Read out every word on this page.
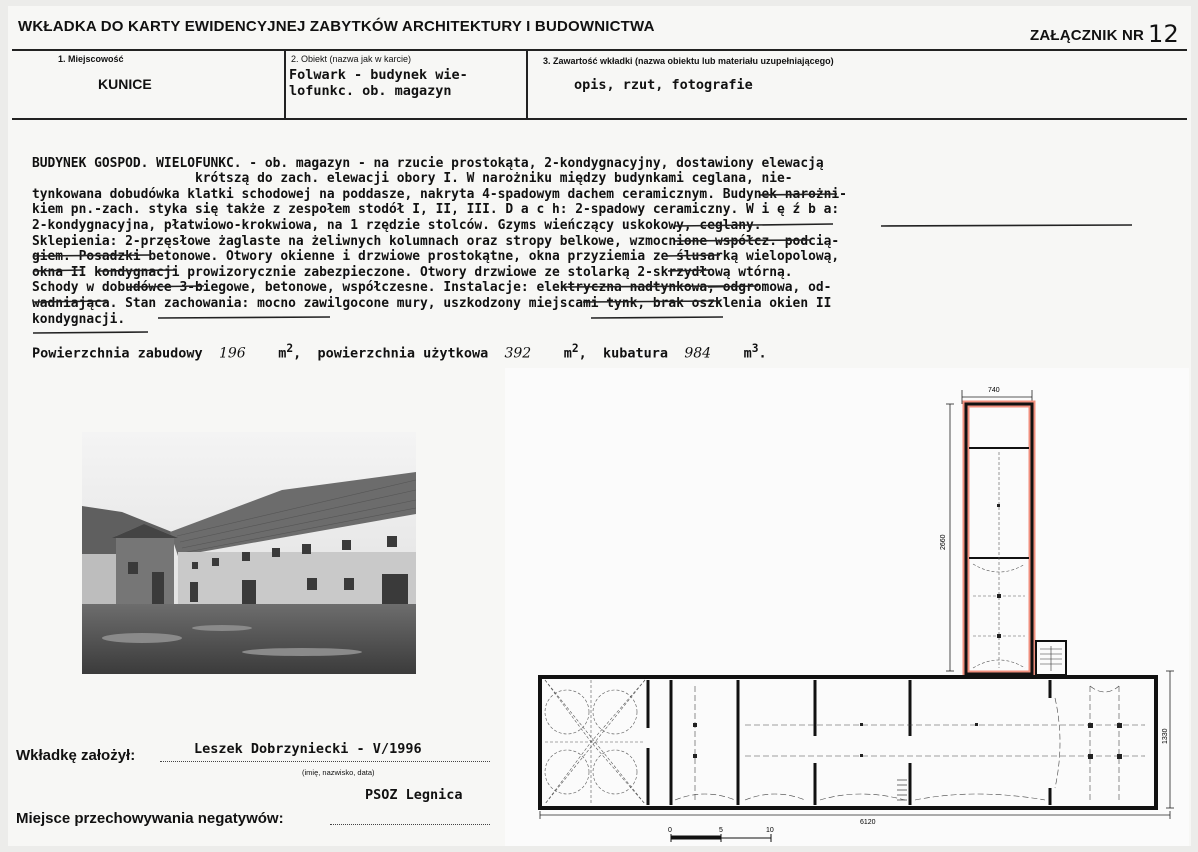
WKŁADKA DO KARTY EWIDENCYJNEJ ZABYTKÓW ARCHITEKTURY I BUDOWNICTWA
ZAŁĄCZNIK NR 12
1. Miejscowość
KUNICE
2. Obiekt (nazwa jak w karcie)
Folwark - budynek wie-
lofunkc. ob. magazyn
3. Zawartość wkładki (nazwa obiektu lub materiału uzupełniającego)
opis, rzut, fotografie

BUDYNEK GOSPOD. WIELOFUNKC. - ob. magazyn - na rzucie prostokąta, 2-kondygnacyjny, dostawiony elewacją
krótszą do zach. elewacji obory I. W narożniku między budynkami ceglana, nie-
tynkowana dobudówka klatki schodowej na poddasze, nakryta 4-spadowym dachem ceramicznym. Budynek narożni-
kiem pn.-zach. styka się także z zespołem stodół I, II, III. D a c h: 2-spadowy ceramiczny. W i ę ź b a:
2-kondygnacyjna, płatwiowo-krokwiowa, na 1 rzędzie stolców. Gzyms wieńczący uskokowy, ceglany.
Sklepienia: 2-przęsłowe żaglaste na żeliwnych kolumnach oraz stropy belkowe, wzmocnione współcz. podcią-
giem. Posadzki betonowe. Otwory okienne i drzwiowe prostokątne, okna przyziemia ze ślusarką wielopolową,
okna II kondygnacji prowizorycznie zabezpieczone. Otwory drzwiowe ze stolarką 2-skrzydłową wtórną.
Schody w dobudówce 3-biegowe, betonowe, współczesne. Instalacje: elektryczna nadtynkowa, odgromowa, od-
wadniająca. Stan zachowania: mocno zawilgocone mury, uszkodzony miejscami tynk, brak oszklenia okien II
kondygnacji.

Powierzchnia zabudowy 196 $m^2$,  powierzchnia użytkowa 392 $m^2$,  kubatura 984 $m^3$.
740
2660
1330
6120
0	5	10
Wkładkę założył:	Leszek Dobrzyniecki - V/1996
(imię, nazwisko, data)
Miejsce przechowywania negatywów:
PSOZ Legnica
